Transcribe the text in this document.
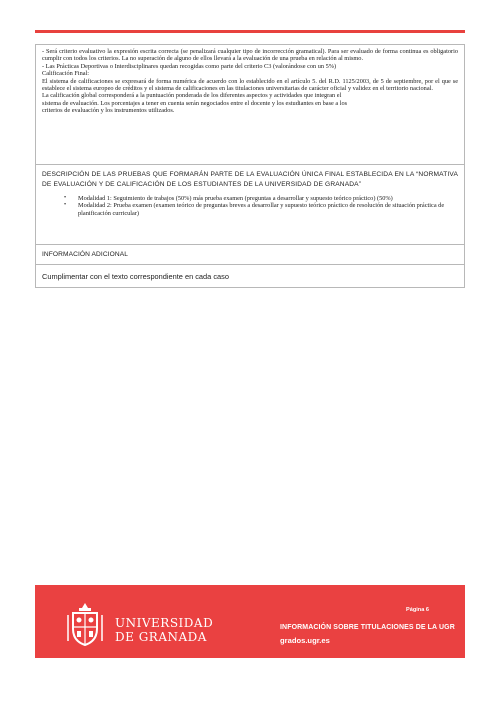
- Será criterio evaluativo la expresión escrita correcta (se penalizará cualquier tipo de incorrección gramatical). Para ser evaluado de forma continua es obligatorio cumplir con todos los criterios. La no superación de alguno de ellos llevará a la evaluación de una prueba en relación al mismo.

- Las Prácticas Deportivas o Interdisciplinares quedan recogidas como parte del criterio C3 (valorándose con un 5%)

Calificación Final:

El sistema de calificaciones se expresará de forma numérica de acuerdo con lo establecido en el artículo 5. del R.D. 1125/2003, de 5 de septiembre, por el que se establece el sistema europeo de créditos y el sistema de calificaciones en las titulaciones universitarias de carácter oficial y validez en el territorio nacional.

La calificación global corresponderá a la puntuación ponderada de los diferentes aspectos y actividades que integran el

sistema de evaluación. Los porcentajes a tener en cuenta serán negociados entre el docente y los estudiantes en base a los

criterios de evaluación y los instrumentos utilizados.

DESCRIPCIÓN DE LAS PRUEBAS QUE FORMARÁN PARTE DE LA EVALUACIÓN ÚNICA FINAL ESTABLECIDA EN LA “NORMATIVA DE EVALUACIÓN Y DE CALIFICACIÓN DE LOS ESTUDIANTES DE LA UNIVERSIDAD DE GRANADA”

• Modalidad 1: Seguimiento de trabajos (50%) más prueba examen (preguntas a desarrollar y supuesto teórico práctico) (50%)
• Modalidad 2: Prueba examen (examen teórico de preguntas breves a desarrollar y supuesto teórico práctico de resolución de situación práctica de planificación curricular)
INFORMACIÓN ADICIONAL
Cumplimentar con el texto correspondiente en cada caso
UNIVERSIDAD
DE GRANADA
Página 6
INFORMACIÓN SOBRE TITULACIONES DE LA UGR
grados.ugr.es
